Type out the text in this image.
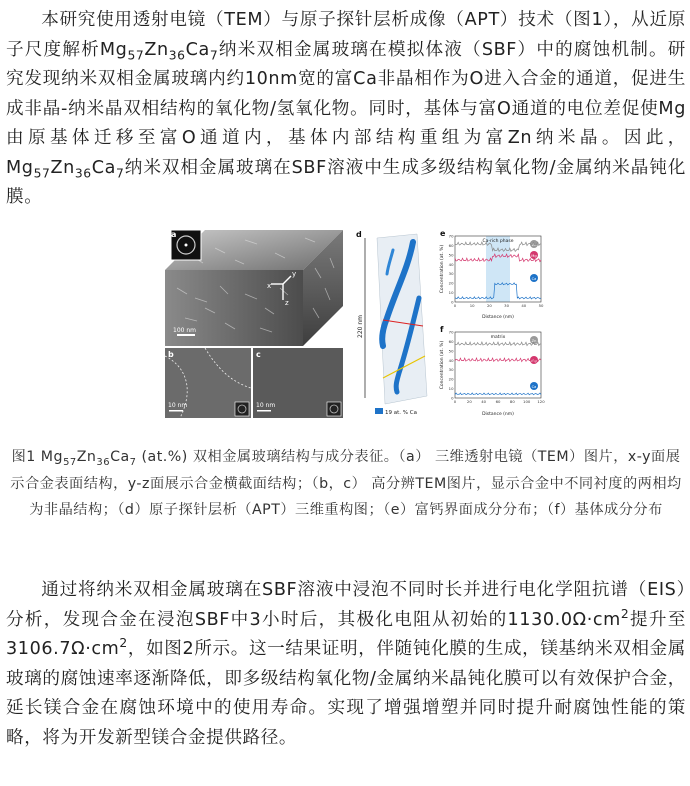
本研究使用透射电镜（TEM）与原子探针层析成像（APT）技术（图1），从近原子尺度解析$Mg_{57}Zn_{36}Ca_7$纳米双相金属玻璃在模拟体液（SBF）中的腐蚀机制。研究发现纳米双相金属玻璃内约10nm宽的富Ca非晶相作为O进入合金的通道，促进生成非晶-纳米晶双相结构的氧化物/氢氧化物。同时，基体与富O通道的电位差促使Mg由原基体迁移至富O通道内，基体内部结构重组为富Zn纳米晶。因此，$Mg_{57}Zn_{36}Ca_7$纳米双相金属玻璃在SBF溶液中生成多级结构氧化物/金属纳米晶钝化膜。
a
x
y
z
100 nm
b
10 nm
c
10 nm
d
220 nm
19 at. % Ca
e
Ca-rich phase
Concentration (at. %)
Distance (nm)
Zn
Mg
Ca
70
60
50
40
30
20
10
0
0	10	20	30	40	50
f
matrix
Concentration (at. %)
Distance (nm)
Zn
Mg
Ca
70
60
50
40
30
20
10
0
0	20 40 60 80 100 120
图1 $Mg_{57}Zn_{36}Ca_7$ (at.%) 双相金属玻璃结构与成分表征。（a） 三维透射电镜（TEM）图片，x-y面展示合金表面结构，y-z面展示合金横截面结构；（b，c） 高分辨TEM图片，显示合金中不同衬度的两相均为非晶结构；（d）原子探针层析（APT）三维重构图；（e）富钙界面成分分布；（f）基体成分分布
通过将纳米双相金属玻璃在SBF溶液中浸泡不同时长并进行电化学阻抗谱（EIS）分析，发现合金在浸泡SBF中3小时后，其极化电阻从初始的$1130.0\Omega\cdot cm^2$提升至$3106.7\Omega\cdot cm^2$，如图2所示。这一结果证明，伴随钝化膜的生成，镁基纳米双相金属玻璃的腐蚀速率逐渐降低，即多级结构氧化物/金属纳米晶钝化膜可以有效保护合金，延长镁合金在腐蚀环境中的使用寿命。实现了增强增塑并同时提升耐腐蚀性能的策略，将为开发新型镁合金提供路径。
